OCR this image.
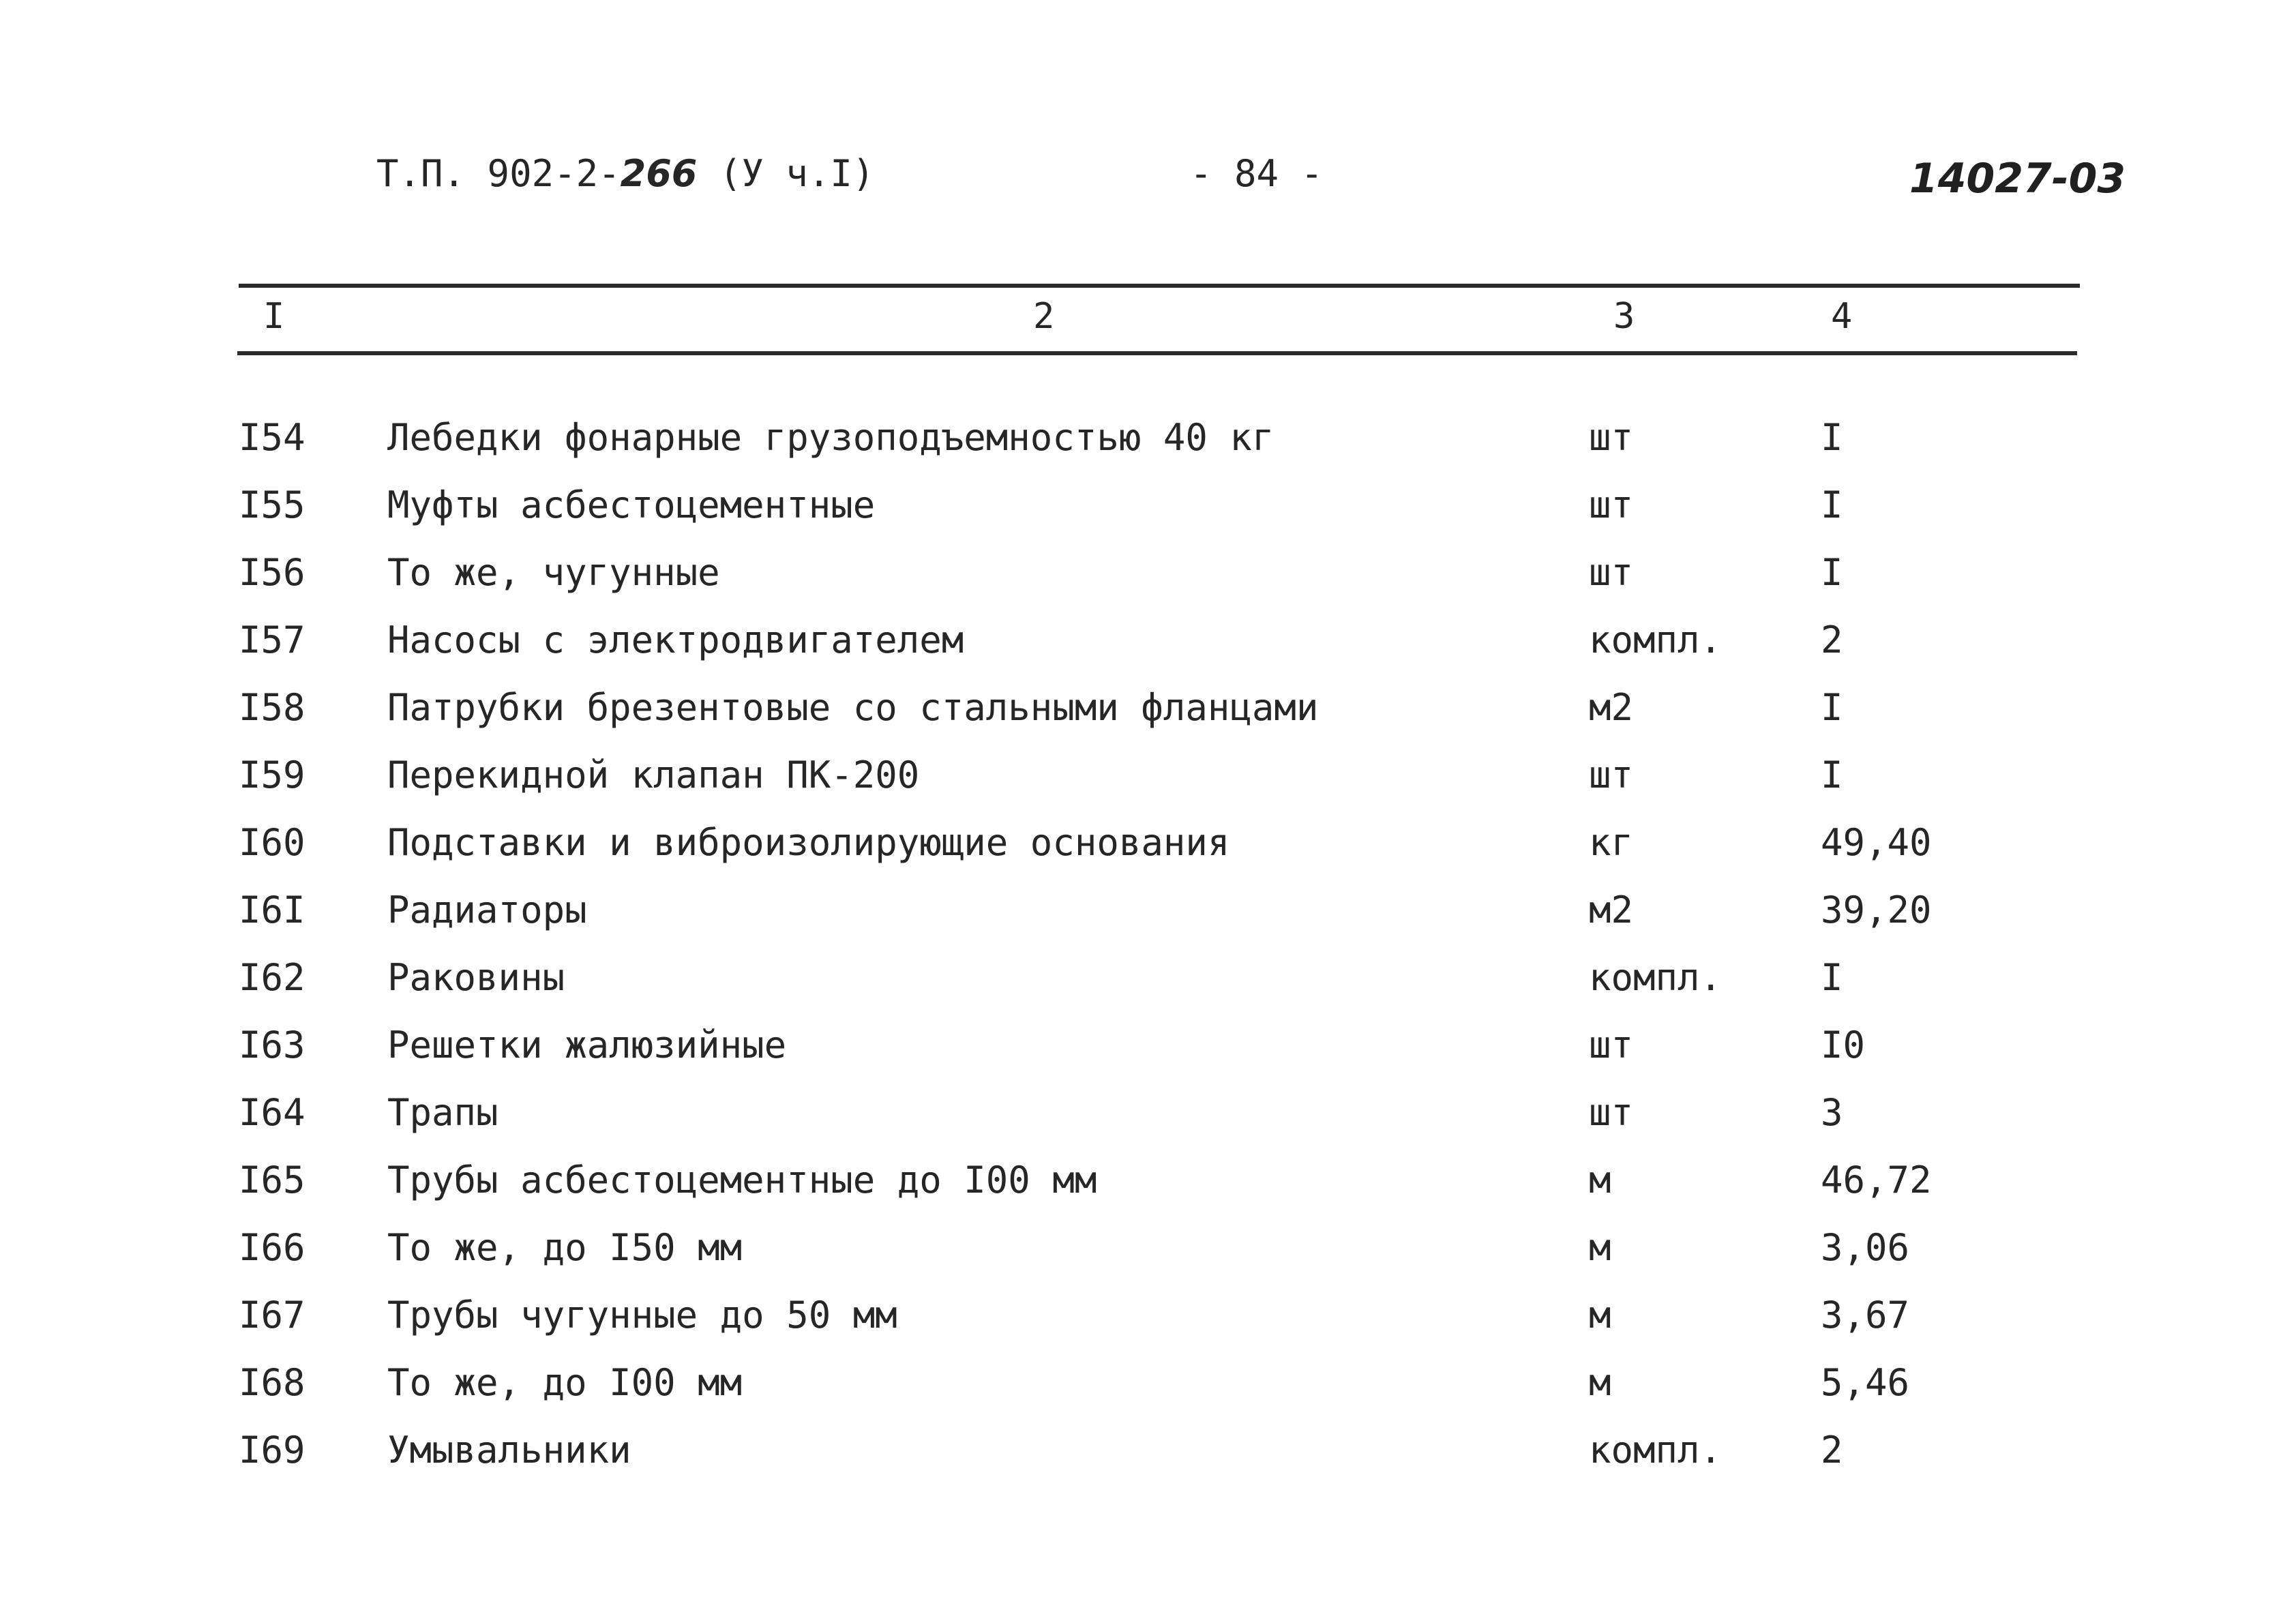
Т.П. 902-2-266 (У ч.I)	- 84 -	14027-03
I	2	3	4
I54 Лебедки фонарные грузоподъемностью 40 кг	шт	I
I55 Муфты асбестоцементные	шт	I
I56 То же, чугунные	шт	I
I57 Насосы с электродвигателем	компл.	2
I58 Патрубки брезентовые со стальными фланцами	м2	I
I59 Перекидной клапан ПК-200	шт	I
I60 Подставки и виброизолирующие основания	кг	49,40
I6I Радиаторы	м2	39,20
I62 Раковины	компл.	I
I63 Решетки жалюзийные	шт	I0
I64 Трапы	шт	3
I65 Трубы асбестоцементные до I00 мм	м	46,72
I66 То же, до I50 мм	м	3,06
I67 Трубы чугунные до 50 мм	м	3,67
I68 То же, до I00 мм	м	5,46
I69 Умывальники	компл.	2
